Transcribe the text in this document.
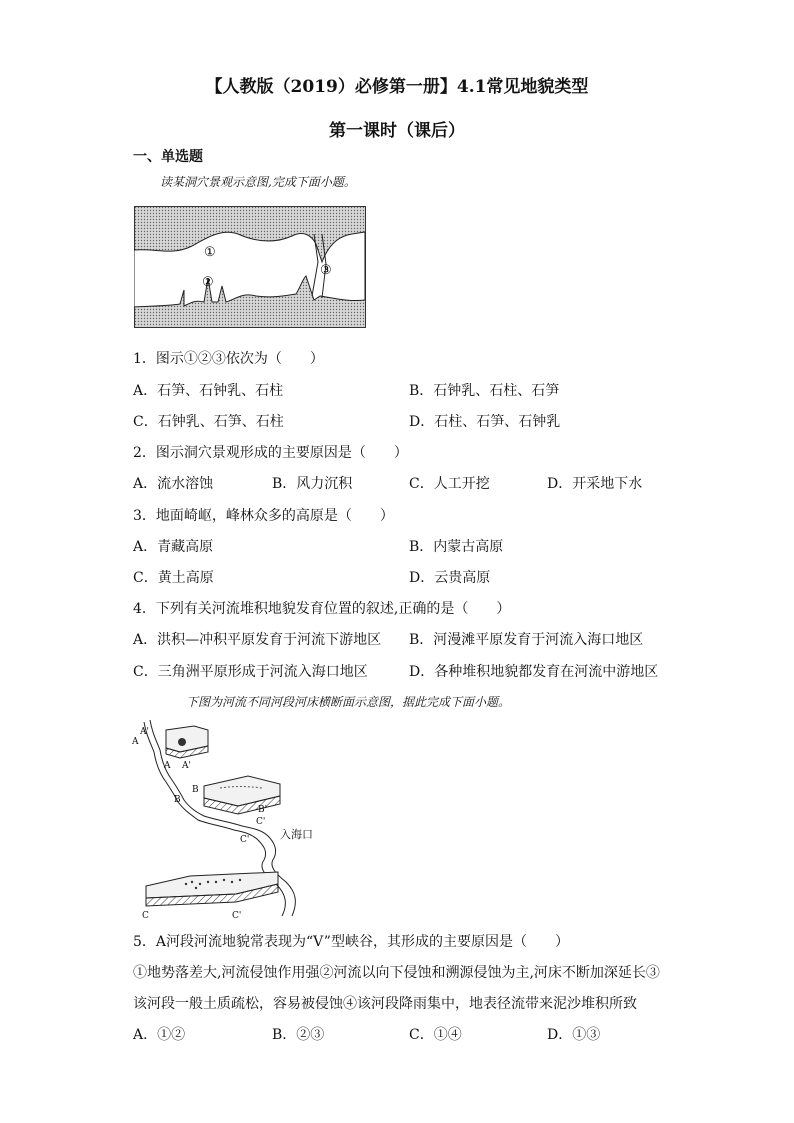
【人教版（2019）必修第一册】4.1常见地貌类型
第一课时（课后）
一、单选题
读某洞穴景观示意图,完成下面小题。
①
②
③
1．图示①②③依次为（　　）
A．石笋、石钟乳、石柱	B．石钟乳、石柱、石笋
C．石钟乳、石笋、石柱	D．石柱、石笋、石钟乳
2．图示洞穴景观形成的主要原因是（　　）
A．流水溶蚀	B．风力沉积	C．人工开挖	D．开采地下水
3．地面崎岖，峰林众多的高原是（　　）
A．青藏高原	B．内蒙古高原
C．黄土高原	D．云贵高原
4．下列有关河流堆积地貌发育位置的叙述,正确的是（　　）
A．洪积—冲积平原发育于河流下游地区 B．河漫滩平原发育于河流入海口地区
C．三角洲平原形成于河流入海口地区	D．各种堆积地貌都发育在河流中游地区
下图为河流不同河段河床横断面示意图，据此完成下面小题。
A
A'
A A'
B
B
B'
C'
C'	入海口
C	C'
5．A河段河流地貌常表现为“V”型峡谷，其形成的主要原因是（　　）
①地势落差大,河流侵蚀作用强②河流以向下侵蚀和溯源侵蚀为主,河床不断加深延长③
该河段一般土质疏松，容易被侵蚀④该河段降雨集中，地表径流带来泥沙堆积所致
A．①②	B．②③	C．①④	D．①③
